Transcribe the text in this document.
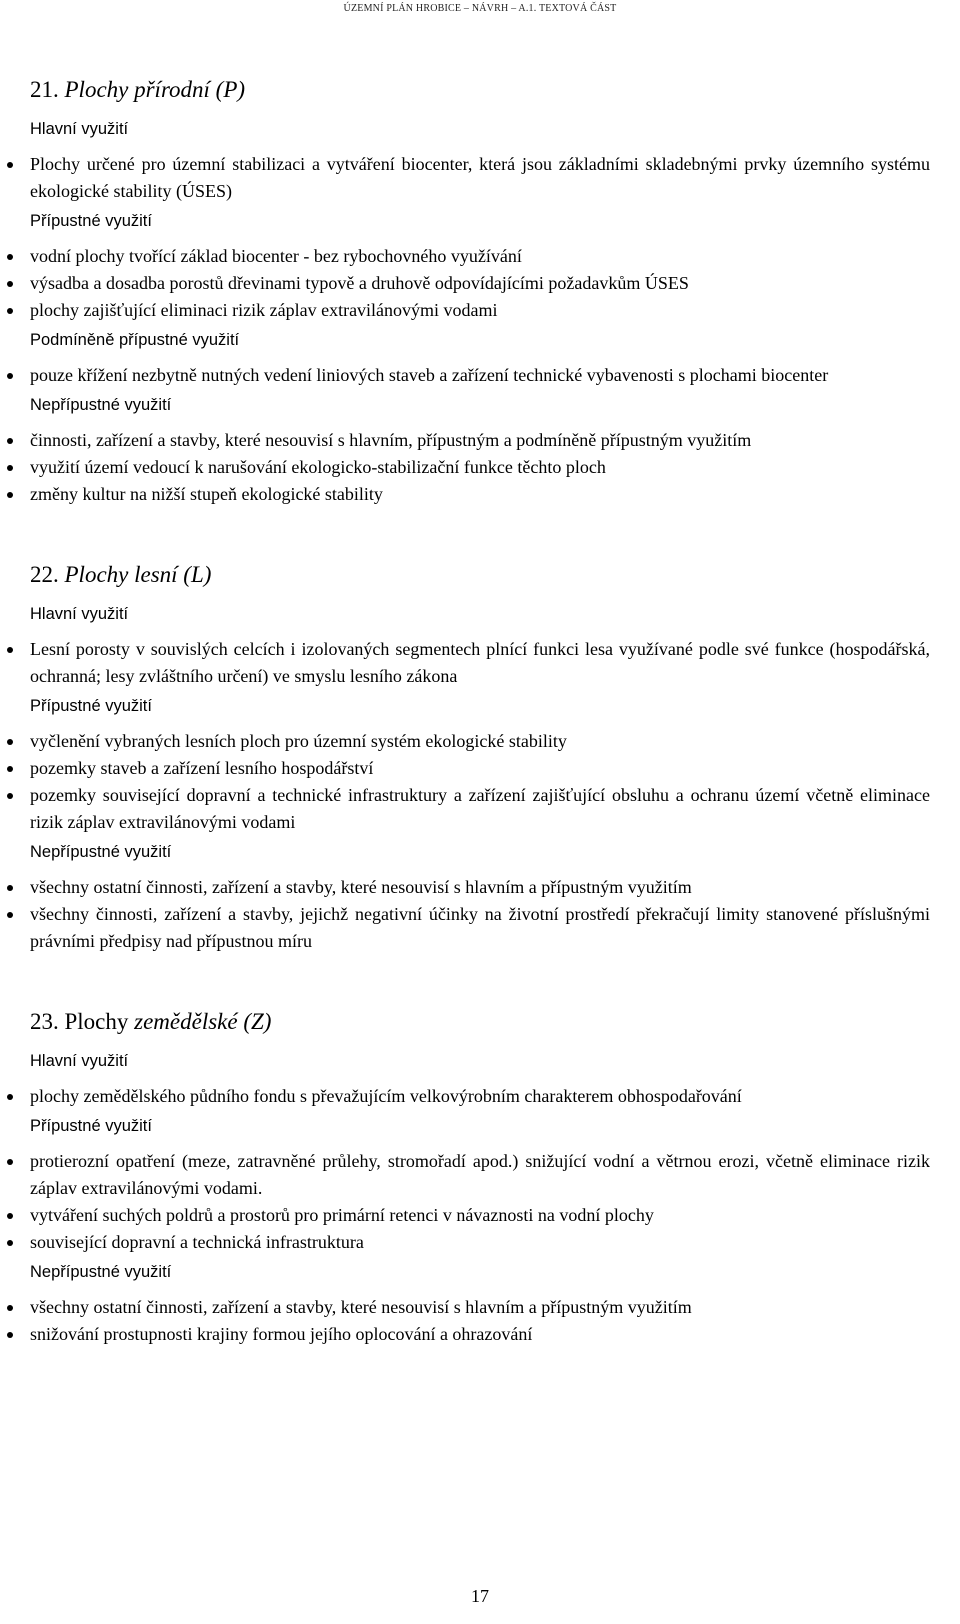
ÚZEMNÍ PLÁN HROBICE – NÁVRH – A.1. TEXTOVÁ ČÁST
21. Plochy přírodní (P)
Hlavní využití
Plochy určené pro územní stabilizaci a vytváření biocenter, která jsou základními skladebnými prvky územního systému ekologické stability (ÚSES)
Přípustné využití
vodní plochy tvořící základ biocenter - bez rybochovného využívání
výsadba a dosadba porostů dřevinami typově a druhově odpovídajícími požadavkům ÚSES
plochy zajišťující eliminaci rizik záplav extravilánovými vodami
Podmíněně přípustné využití
pouze křížení nezbytně nutných vedení liniových staveb a zařízení technické vybavenosti s plochami biocenter
Nepřípustné využití
činnosti, zařízení a stavby, které nesouvisí s hlavním, přípustným a podmíněně přípustným využitím
využití území vedoucí k narušování ekologicko-stabilizační funkce těchto ploch
změny kultur na nižší stupeň ekologické stability
22. Plochy lesní (L)
Hlavní využití
Lesní porosty v souvislých celcích i izolovaných segmentech plnící funkci lesa využívané podle své funkce (hospodářská, ochranná; lesy zvláštního určení) ve smyslu lesního zákona
Přípustné využití
vyčlenění vybraných lesních ploch pro územní systém ekologické stability
pozemky staveb a zařízení lesního hospodářství
pozemky související dopravní a technické infrastruktury a zařízení zajišťující obsluhu a ochranu území včetně eliminace rizik záplav extravilánovými vodami
Nepřípustné využití
všechny ostatní činnosti, zařízení a stavby, které nesouvisí s hlavním a přípustným využitím
všechny činnosti, zařízení a stavby, jejichž negativní účinky na životní prostředí překračují limity stanovené příslušnými právními předpisy nad přípustnou míru
23. Plochy zemědělské (Z)
Hlavní využití
plochy zemědělského půdního fondu s převažujícím velkovýrobním charakterem obhospodařování
Přípustné využití
protierozní opatření (meze, zatravněné průlehy, stromořadí apod.) snižující vodní a větrnou erozi, včetně eliminace rizik záplav extravilánovými vodami.
vytváření suchých poldrů a prostorů pro primární retenci v návaznosti na vodní plochy
související dopravní a technická infrastruktura
Nepřípustné využití
všechny ostatní činnosti, zařízení a stavby, které nesouvisí s hlavním a přípustným využitím
snižování prostupnosti krajiny formou jejího oplocování a ohrazování
17
